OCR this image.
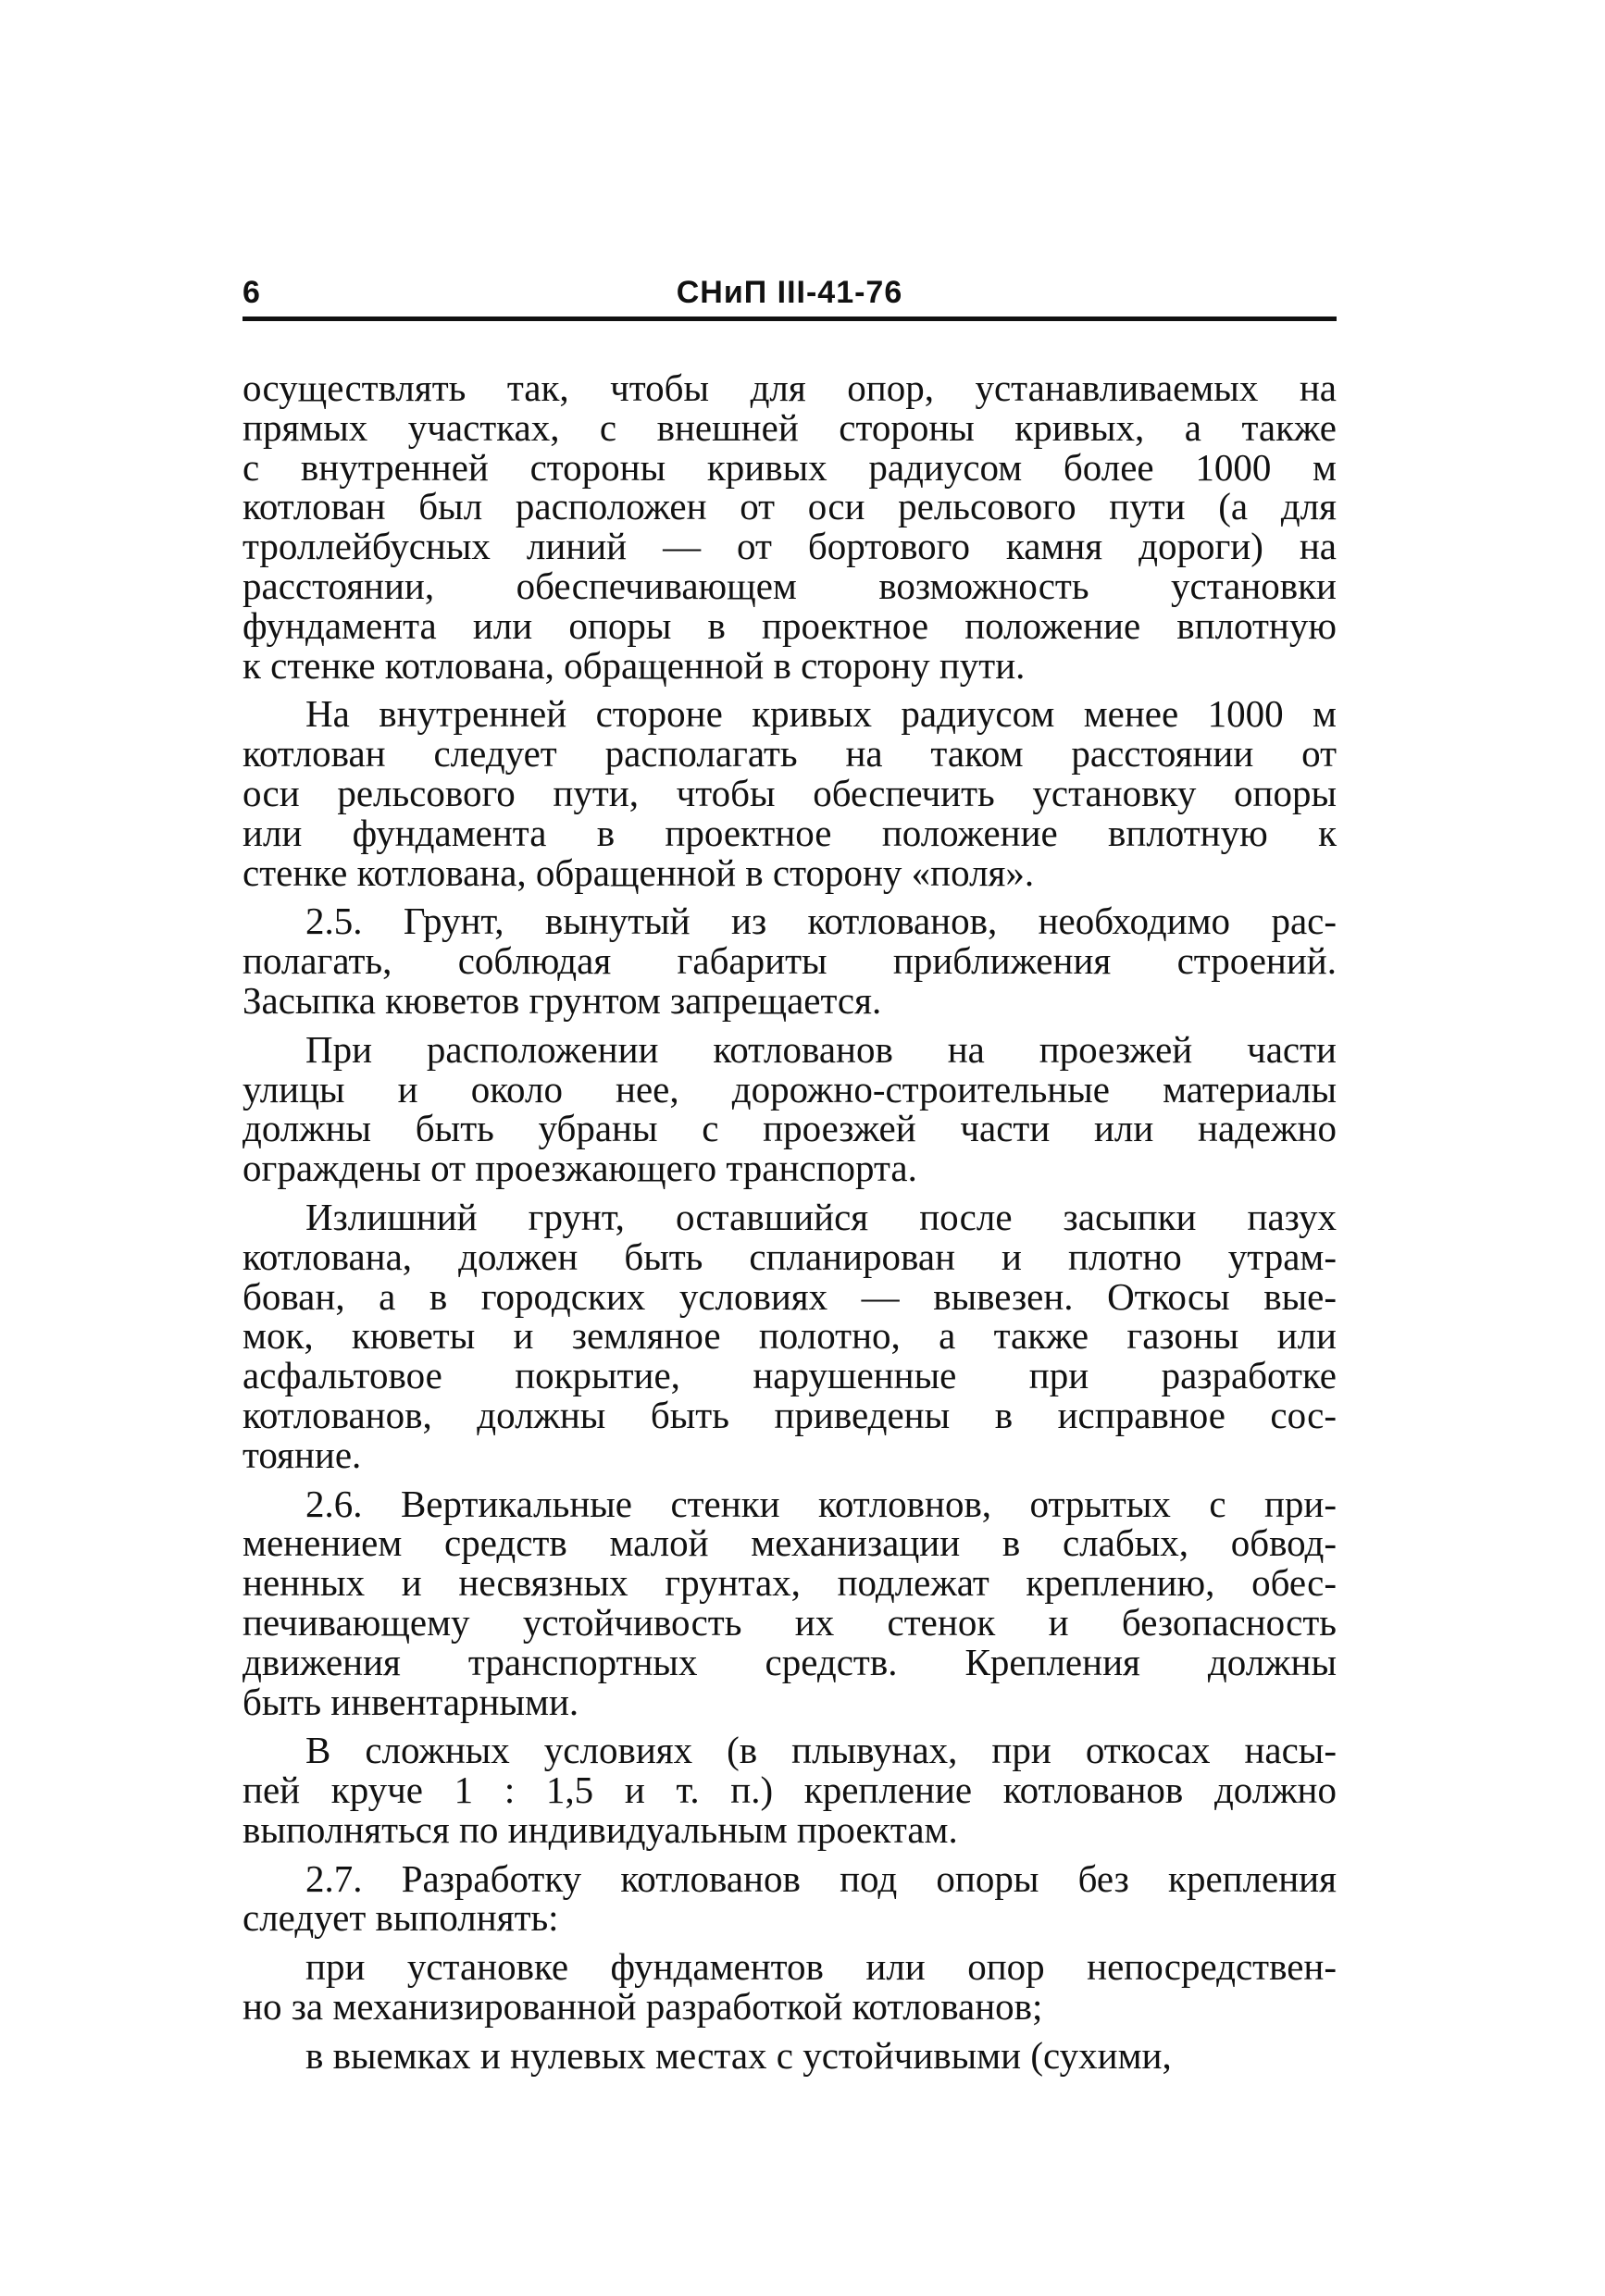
6	СНиП III-41-76
осуществлять так, чтобы для опор, устанавливаемых на
прямых участках, с внешней стороны кривых, а также
с внутренней стороны кривых радиусом более 1000 м
котлован был расположен от оси рельсового пути (а для
троллейбусных линий — от бортового камня дороги) на
расстоянии, обеспечивающем возможность установки
фундамента или опоры в проектное положение вплотную
к стенке котлована, обращенной в сторону пути.
На внутренней стороне кривых радиусом менее 1000 м
котлован следует располагать на таком расстоянии от
оси рельсового пути, чтобы обеспечить установку опоры
или фундамента в проектное положение вплотную к
стенке котлована, обращенной в сторону «поля».
2.5. Грунт, вынутый из котлованов, необходимо рас-
полагать, соблюдая габариты приближения строений.
Засыпка кюветов грунтом запрещается.
При расположении котлованов на проезжей части
улицы и около нее, дорожно-строительные материалы
должны быть убраны с проезжей части или надежно
ограждены от проезжающего транспорта.
Излишний грунт, оставшийся после засыпки пазух
котлована, должен быть спланирован и плотно утрам-
бован, а в городских условиях — вывезен. Откосы вые-
мок, кюветы и земляное полотно, а также газоны или
асфальтовое покрытие, нарушенные при разработке
котлованов, должны быть приведены в исправное сос-
тояние.
2.6. Вертикальные стенки котловнов, отрытых с при-
менением средств малой механизации в слабых, обвод-
ненных и несвязных грунтах, подлежат креплению, обес-
печивающему устойчивость их стенок и безопасность
движения транспортных средств. Крепления должны
быть инвентарными.
В сложных условиях (в плывунах, при откосах насы-
пей круче 1 : 1,5 и т. п.) крепление котлованов должно
выполняться по индивидуальным проектам.
2.7. Разработку котлованов под опоры без крепления
следует выполнять:
при установке фундаментов или опор непосредствен-
но за механизированной разработкой котлованов;
в выемках и нулевых местах с устойчивыми (сухими,
